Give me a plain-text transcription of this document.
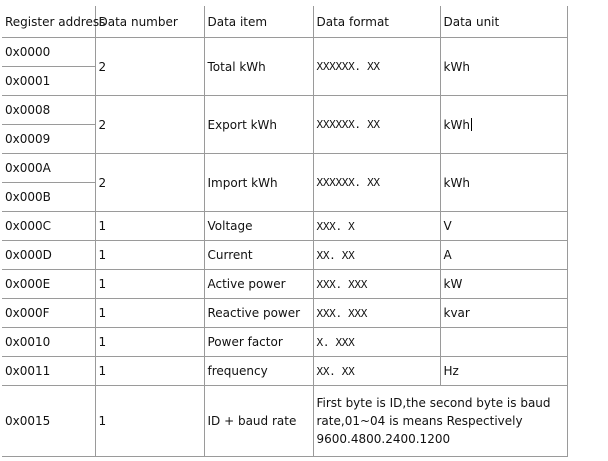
Register address	Data number	Data item	Data format	Data unit
0x0000	2	Total kWh	XXXXXX. XX	kWh
0x0001				
0x0008	2	Export kWh	XXXXXX. XX	kWh
0x0009				
0x000A	2	Import kWh	XXXXXX. XX	kWh
0x000B				
0x000C	1	Voltage	XXX. X	V
0x000D	1	Current	XX. XX	A
0x000E	1	Active power	XXX. XXX	kW
0x000F	1	Reactive power	XXX. XXX	kvar
0x0010	1	Power factor	X. XXX	
0x0011	1	frequency	XX. XX	Hz
0x0015	1	ID + baud rate	First byte is ID,the second byte is baud rate,01~04 is means Respectively 9600.4800.2400.1200	
